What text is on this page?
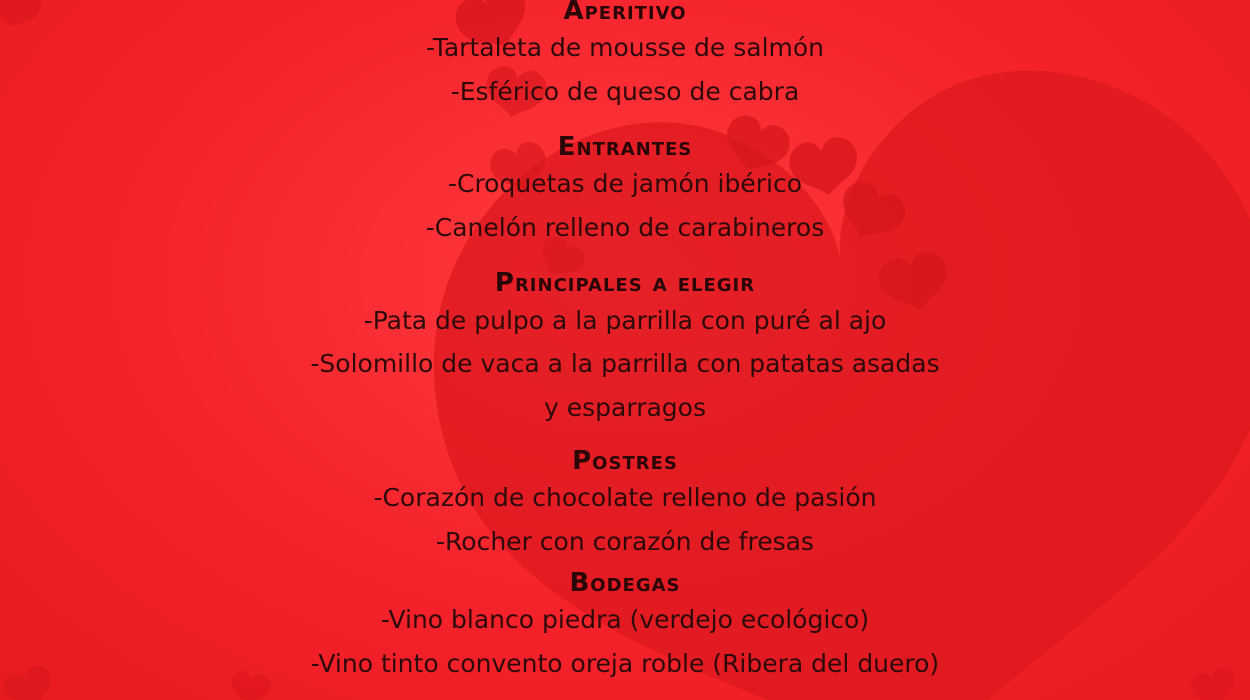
Aperitivo
-Tartaleta de mousse de salmón
-Esférico de queso de cabra
Entrantes
-Croquetas de jamón ibérico
-Canelón relleno de carabineros
Principales a elegir
-Pata de pulpo a la parrilla con puré al ajo
-Solomillo de vaca a la parrilla con patatas asadas
y esparragos
Postres
-Corazón de chocolate relleno de pasión
-Rocher con corazón de fresas
Bodegas
-Vino blanco piedra (verdejo ecológico)
-Vino tinto convento oreja roble (Ribera del duero)
